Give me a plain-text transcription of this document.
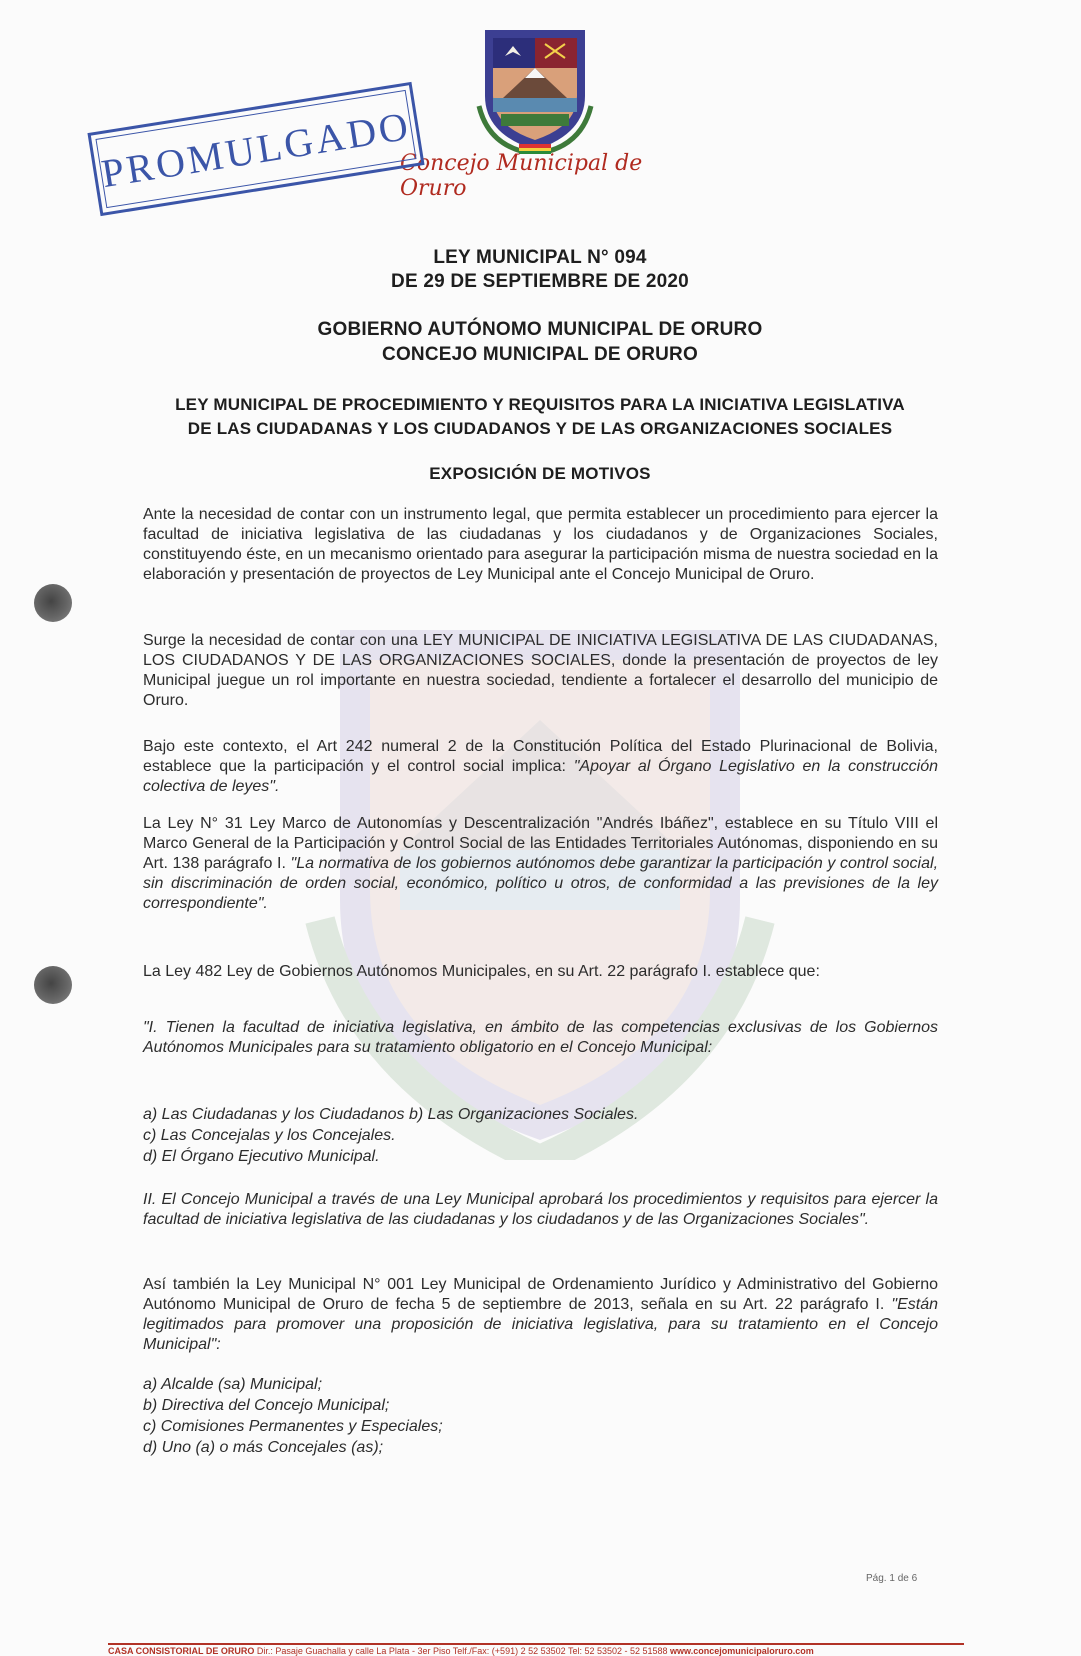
Concejo Municipal de Oruro
PROMULGADO
LEY MUNICIPAL N° 094
DE 29 DE SEPTIEMBRE DE 2020
GOBIERNO AUTÓNOMO MUNICIPAL DE ORURO
CONCEJO MUNICIPAL DE ORURO
LEY MUNICIPAL DE PROCEDIMIENTO Y REQUISITOS PARA LA INICIATIVA LEGISLATIVA
DE LAS CIUDADANAS Y LOS CIUDADANOS Y DE LAS ORGANIZACIONES SOCIALES
EXPOSICIÓN DE MOTIVOS
Ante la necesidad de contar con un instrumento legal, que permita establecer un procedimiento para ejercer la facultad de iniciativa legislativa de las ciudadanas y los ciudadanos y de Organizaciones Sociales, constituyendo éste, en un mecanismo orientado para asegurar la participación misma de nuestra sociedad en la elaboración y presentación de proyectos de Ley Municipal ante el Concejo Municipal de Oruro.
Surge la necesidad de contar con una LEY MUNICIPAL DE INICIATIVA LEGISLATIVA DE LAS CIUDADANAS, LOS CIUDADANOS Y DE LAS ORGANIZACIONES SOCIALES, donde la presentación de proyectos de ley Municipal juegue un rol importante en nuestra sociedad, tendiente a fortalecer el desarrollo del municipio de Oruro.
Bajo este contexto, el Art 242 numeral 2 de la Constitución Política del Estado Plurinacional de Bolivia, establece que la participación y el control social implica: "Apoyar al Órgano Legislativo en la construcción colectiva de leyes".
La Ley N° 31 Ley Marco de Autonomías y Descentralización "Andrés Ibáñez", establece en su Título VIII el Marco General de la Participación y Control Social de las Entidades Territoriales Autónomas, disponiendo en su Art. 138 parágrafo I. "La normativa de los gobiernos autónomos debe garantizar la participación y control social, sin discriminación de orden social, económico, político u otros, de conformidad a las previsiones de la ley correspondiente".
La Ley 482 Ley de Gobiernos Autónomos Municipales, en su Art. 22 parágrafo I. establece que:
"I. Tienen la facultad de iniciativa legislativa, en ámbito de las competencias exclusivas de los Gobiernos Autónomos Municipales para su tratamiento obligatorio en el Concejo Municipal:
a) Las Ciudadanas y los Ciudadanos b) Las Organizaciones Sociales.
c) Las Concejalas y los Concejales.
d) El Órgano Ejecutivo Municipal.
II. El Concejo Municipal a través de una Ley Municipal aprobará los procedimientos y requisitos para ejercer la facultad de iniciativa legislativa de las ciudadanas y los ciudadanos y de las Organizaciones Sociales".
Así también la Ley Municipal N° 001 Ley Municipal de Ordenamiento Jurídico y Administrativo del Gobierno Autónomo Municipal de Oruro de fecha 5 de septiembre de 2013, señala en su Art. 22 parágrafo I. "Están legitimados para promover una proposición de iniciativa legislativa, para su tratamiento en el Concejo Municipal":
a) Alcalde (sa) Municipal;
b) Directiva del Concejo Municipal;
c) Comisiones Permanentes y Especiales;
d) Uno (a) o más Concejales (as);
Pág. 1 de 6
CASA CONSISTORIAL DE ORURO Dir.: Pasaje Guachalla y calle La Plata - 3er Piso Telf./Fax: (+591) 2 52 53502 Tel: 52 53502 - 52 51588 www.concejomunicipaloruro.com
